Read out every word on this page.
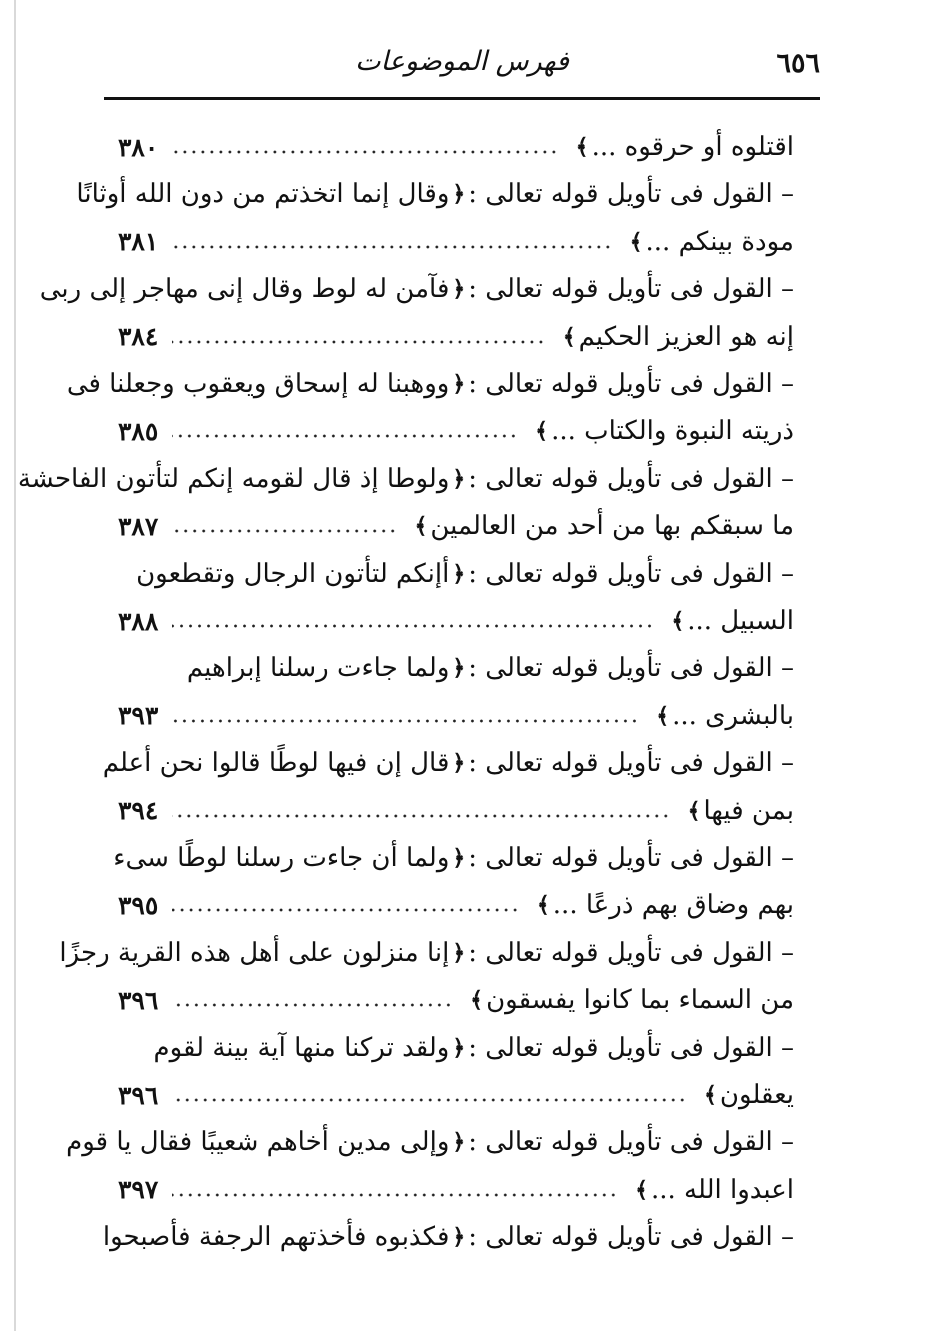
٦٥٦
فهرس الموضوعات
اقتلوه أو حرقوه ...
﴾
٣٨٠
– القول فى تأويل قوله تعالى :
﴿
وقال إنما اتخذتم من دون الله أوثانًا
مودة بينكم ...
﴾
٣٨١
– القول فى تأويل قوله تعالى :
﴿
فآمن له لوط وقال إنى مهاجر إلى ربى
إنه هو العزيز الحكيم
﴾
٣٨٤
– القول فى تأويل قوله تعالى :
﴿
ووهبنا له إسحاق ويعقوب وجعلنا فى
ذريته النبوة والكتاب ...
﴾
٣٨٥
– القول فى تأويل قوله تعالى :
﴿
ولوطا إذ قال لقومه إنكم لتأتون الفاحشة
ما سبقكم بها من أحد من العالمين
﴾
٣٨٧
– القول فى تأويل قوله تعالى :
﴿
أإنكم لتأتون الرجال وتقطعون
السبيل ...
﴾
٣٨٨
– القول فى تأويل قوله تعالى :
﴿
ولما جاءت رسلنا إبراهيم
بالبشرى ...
﴾
٣٩٣
– القول فى تأويل قوله تعالى :
﴿
قال إن فيها لوطًا قالوا نحن أعلم
بمن فيها
﴾
٣٩٤
– القول فى تأويل قوله تعالى :
﴿
ولما أن جاءت رسلنا لوطًا سىء
بهم وضاق بهم ذرعًا ...
﴾
٣٩٥
– القول فى تأويل قوله تعالى :
﴿
إنا منزلون على أهل هذه القرية رجزًا
من السماء بما كانوا يفسقون
﴾
٣٩٦
– القول فى تأويل قوله تعالى :
﴿
ولقد تركنا منها آية بينة لقوم
يعقلون
﴾
٣٩٦
– القول فى تأويل قوله تعالى :
﴿
وإلى مدين أخاهم شعيبًا فقال يا قوم
اعبدوا الله ...
﴾
٣٩٧
– القول فى تأويل قوله تعالى :
﴿
فكذبوه فأخذتهم الرجفة فأصبحوا
